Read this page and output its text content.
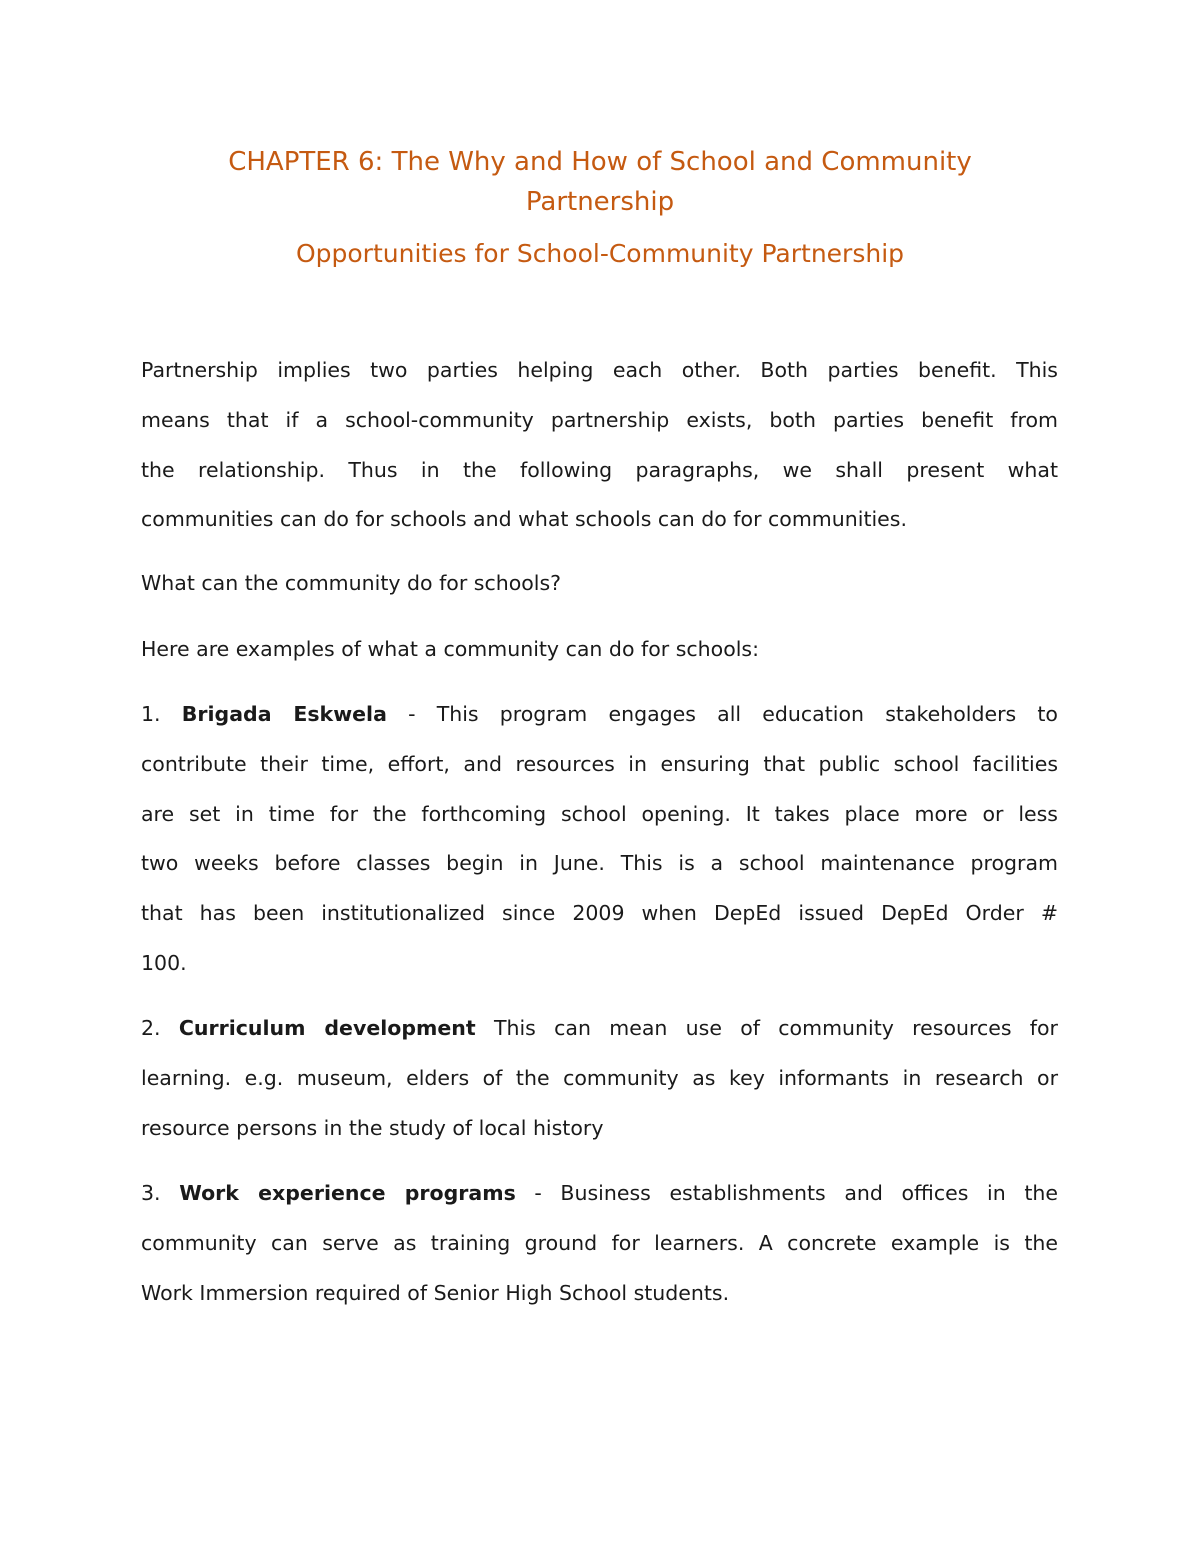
CHAPTER 6: The Why and How of School and Community Partnership
Opportunities for School-Community Partnership

Partnership implies two parties helping each other. Both parties benefit. This
means that if a school-community partnership exists, both parties benefit from
the relationship. Thus in the following paragraphs, we shall present what
communities can do for schools and what schools can do for communities.

What can the community do for schools?

Here are examples of what a community can do for schools:

1. Brigada Eskwela - This program engages all education stakeholders to
contribute their time, effort, and resources in ensuring that public school facilities
are set in time for the forthcoming school opening. It takes place more or less
two weeks before classes begin in June. This is a school maintenance program
that has been institutionalized since 2009 when DepEd issued DepEd Order #
100.
2. Curriculum development This can mean use of community resources for
learning. e.g. museum, elders of the community as key informants in research or
resource persons in the study of local history
3. Work experience programs - Business establishments and offices in the
community can serve as training ground for learners. A concrete example is the
Work Immersion required of Senior High School students.
